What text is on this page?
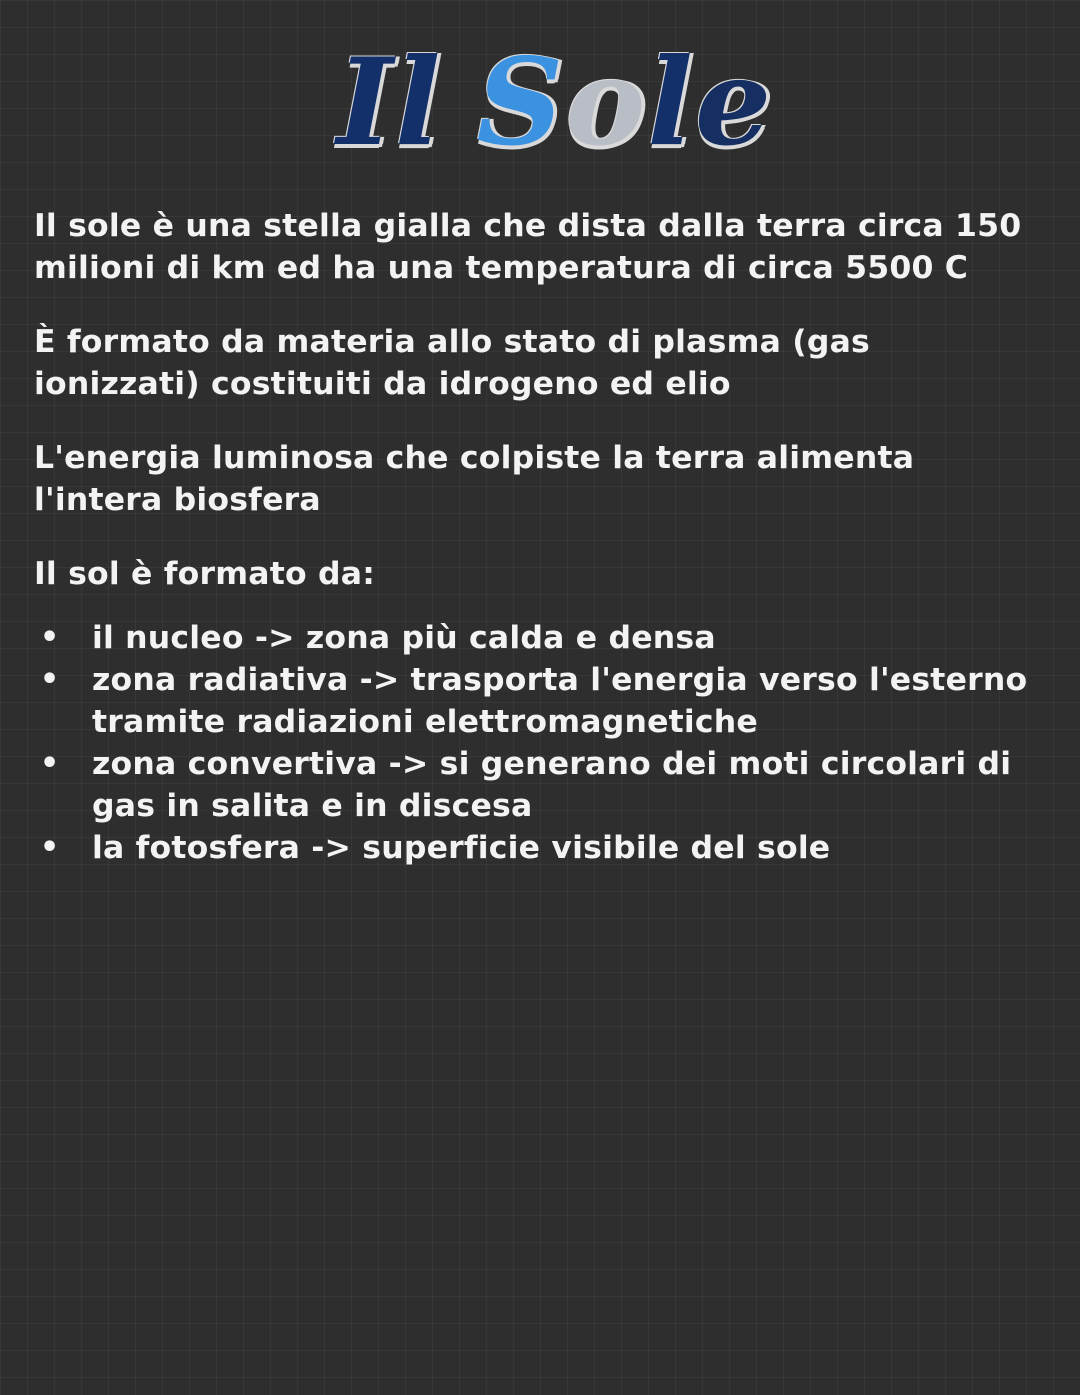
Il Sole

Il sole è una stella gialla che dista dalla terra circa 150 milioni di km ed ha una temperatura di circa 5500 C

È formato da materia allo stato di plasma (gas ionizzati) costituiti da idrogeno ed elio

L'energia luminosa che colpiste la terra alimenta l'intera biosfera

Il sol è formato da:

• il nucleo -> zona più calda e densa
• zona radiativa -> trasporta l'energia verso l'esterno tramite radiazioni elettromagnetiche
• zona convertiva -> si generano dei moti circolari di gas in salita e in discesa
• la fotosfera -> superficie visibile del sole
